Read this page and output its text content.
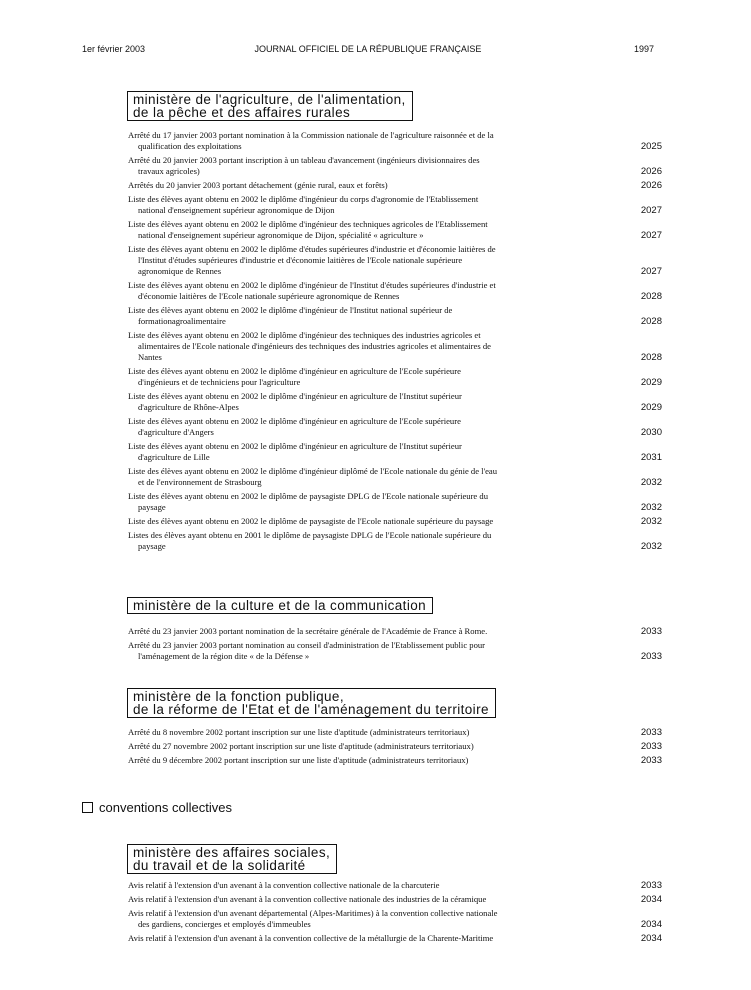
1er février 2003	JOURNAL OFFICIEL DE LA RÉPUBLIQUE FRANÇAISE	1997
ministère de l'agriculture, de l'alimentation,
de la pêche et des affaires rurales
Arrêté du 17 janvier 2003 portant nomination à la Commission nationale de l'agriculture raisonnée et de la
qualification des exploitations	2025
Arrêté du 20 janvier 2003 portant inscription à un tableau d'avancement (ingénieurs divisionnaires des
travaux agricoles)	2026
Arrêtés du 20 janvier 2003 portant détachement (génie rural, eaux et forêts)	2026
Liste des élèves ayant obtenu en 2002 le diplôme d'ingénieur du corps d'agronomie de l'Etablissement
national d'enseignement supérieur agronomique de Dijon	2027
Liste des élèves ayant obtenu en 2002 le diplôme d'ingénieur des techniques agricoles de l'Etablissement
national d'enseignement supérieur agronomique de Dijon, spécialité « agriculture »	2027
Liste des élèves ayant obtenu en 2002 le diplôme d'études supérieures d'industrie et d'économie laitières de
l'Institut d'études supérieures d'industrie et d'économie laitières de l'Ecole nationale supérieure
agronomique de Rennes	2027
Liste des élèves ayant obtenu en 2002 le diplôme d'ingénieur de l'Institut d'études supérieures d'industrie et
d'économie laitières de l'Ecole nationale supérieure agronomique de Rennes	2028
Liste des élèves ayant obtenu en 2002 le diplôme d'ingénieur de l'Institut national supérieur de
formationagroalimentaire	2028
Liste des élèves ayant obtenu en 2002 le diplôme d'ingénieur des techniques des industries agricoles et
alimentaires de l'Ecole nationale d'ingénieurs des techniques des industries agricoles et alimentaires de
Nantes	2028
Liste des élèves ayant obtenu en 2002 le diplôme d'ingénieur en agriculture de l'Ecole supérieure
d'ingénieurs et de techniciens pour l'agriculture	2029
Liste des élèves ayant obtenu en 2002 le diplôme d'ingénieur en agriculture de l'Institut supérieur
d'agriculture de Rhône-Alpes	2029
Liste des élèves ayant obtenu en 2002 le diplôme d'ingénieur en agriculture de l'Ecole supérieure
d'agriculture d'Angers	2030
Liste des élèves ayant obtenu en 2002 le diplôme d'ingénieur en agriculture de l'Institut supérieur
d'agriculture de Lille	2031
Liste des élèves ayant obtenu en 2002 le diplôme d'ingénieur diplômé de l'Ecole nationale du génie de l'eau
et de l'environnement de Strasbourg	2032
Liste des élèves ayant obtenu en 2002 le diplôme de paysagiste DPLG de l'Ecole nationale supérieure du
paysage	2032
Liste des élèves ayant obtenu en 2002 le diplôme de paysagiste de l'Ecole nationale supérieure du paysage	2032
Listes des élèves ayant obtenu en 2001 le diplôme de paysagiste DPLG de l'Ecole nationale supérieure du
paysage	2032
ministère de la culture et de la communication
Arrêté du 23 janvier 2003 portant nomination de la secrétaire générale de l'Académie de France à Rome.	2033
Arrêté du 23 janvier 2003 portant nomination au conseil d'administration de l'Etablissement public pour
l'aménagement de la région dite « de la Défense »	2033
ministère de la fonction publique,
de la réforme de l'Etat et de l'aménagement du territoire
Arrêté du 8 novembre 2002 portant inscription sur une liste d'aptitude (administrateurs territoriaux)	2033
Arrêté du 27 novembre 2002 portant inscription sur une liste d'aptitude (administrateurs territoriaux)	2033
Arrêté du 9 décembre 2002 portant inscription sur une liste d'aptitude (administrateurs territoriaux)	2033
conventions collectives
ministère des affaires sociales,
du travail et de la solidarité
Avis relatif à l'extension d'un avenant à la convention collective nationale de la charcuterie	2033
Avis relatif à l'extension d'un avenant à la convention collective nationale des industries de la céramique	2034
Avis relatif à l'extension d'un avenant départemental (Alpes-Maritimes) à la convention collective nationale
des gardiens, concierges et employés d'immeubles	2034
Avis relatif à l'extension d'un avenant à la convention collective de la métallurgie de la Charente-Maritime	2034
